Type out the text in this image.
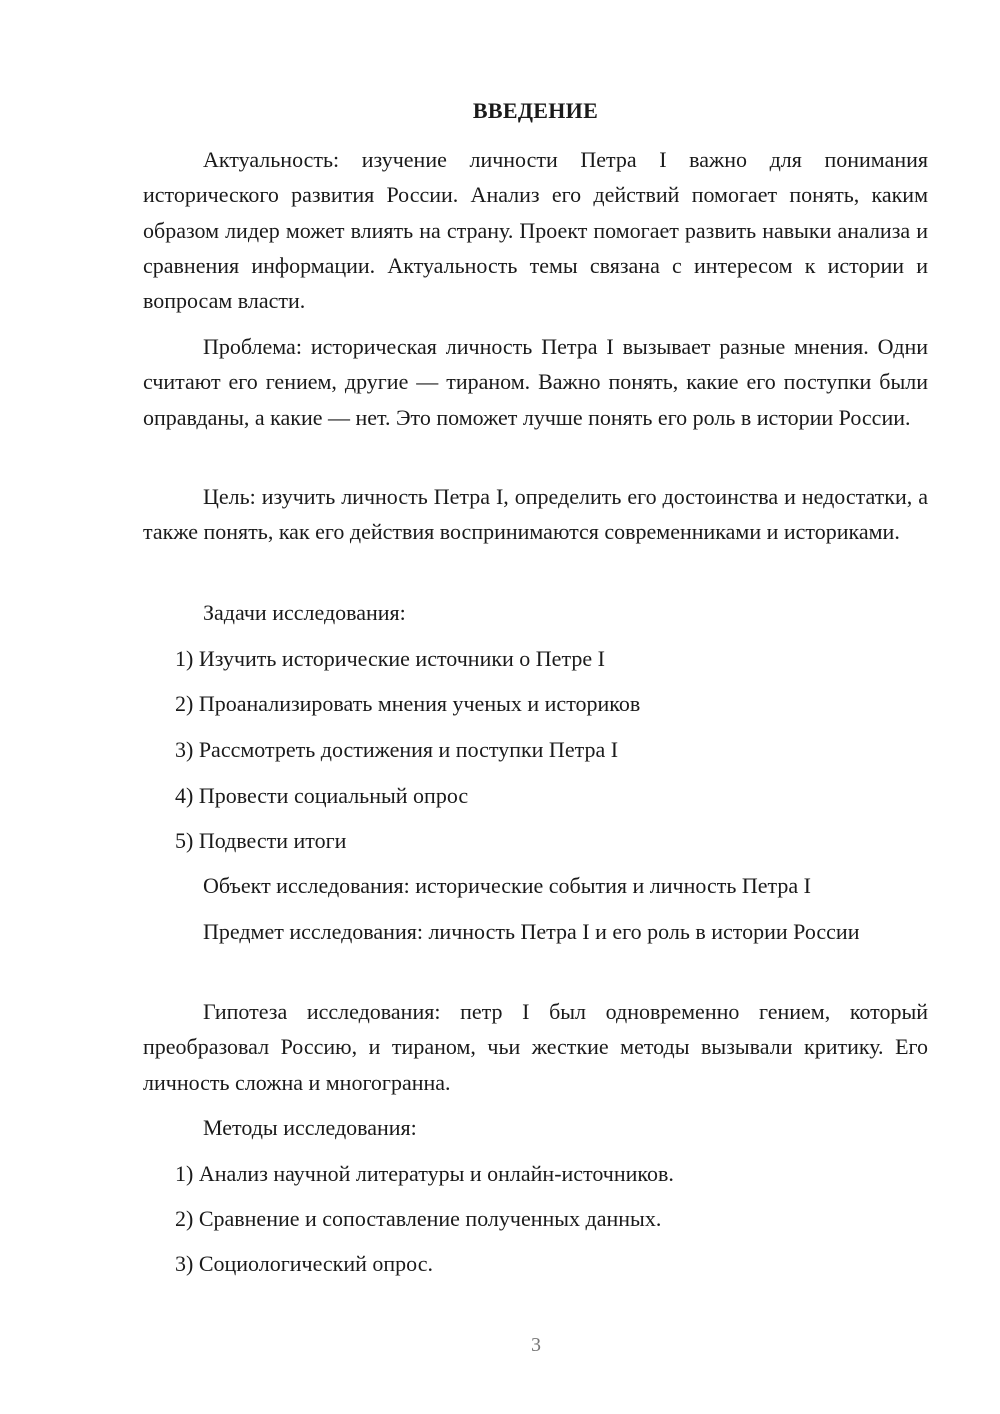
ВВЕДЕНИЕ

Актуальность: изучение личности Петра I важно для понимания исторического развития России. Анализ его действий помогает понять, каким образом лидер может влиять на страну. Проект помогает развить навыки анализа и сравнения информации. Актуальность темы связана с интересом к истории и вопросам власти.

Проблема: историческая личность Петра I вызывает разные мнения. Одни считают его гением, другие — тираном. Важно понять, какие его поступки были оправданы, а какие — нет. Это поможет лучше понять его роль в истории России.

Цель: изучить личность Петра I, определить его достоинства и недостатки, а также понять, как его действия воспринимаются современниками и историками.

Задачи исследования:

1) Изучить исторические источники о Петре I

2) Проанализировать мнения ученых и историков

3) Рассмотреть достижения и поступки Петра I

4) Провести социальный опрос

5) Подвести итоги

Объект исследования: исторические события и личность Петра I

Предмет исследования: личность Петра I и его роль в истории России

Гипотеза исследования: петр I был одновременно гением, который преобразовал Россию, и тираном, чьи жесткие методы вызывали критику. Его личность сложна и многогранна.

Методы исследования:

1) Анализ научной литературы и онлайн-источников.

2) Сравнение и сопоставление полученных данных.

3) Социологический опрос.

3
